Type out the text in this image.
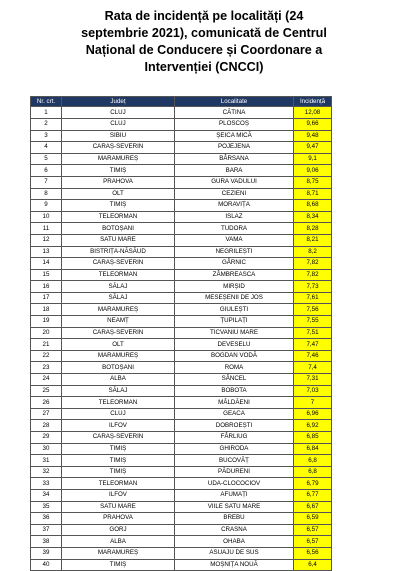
Rata de incidență pe localități (24
septembrie 2021), comunicată de Centrul
Național de Conducere și Coordonare a
Intervenției (CNCCI)
Nr. crt.	Județ	Localitate	Incidență	
1	CLUJ	CĂTINA	12,08	
2	CLUJ	PLOSCOȘ	9,66	
3	SIBIU	ȘEICA MICĂ	9,48	
4	CARAȘ-SEVERIN	POJEJENA	9,47	
5	MARAMUREȘ	BÂRSANA	9,1	
6	TIMIȘ	BARA	9,06	
7	PRAHOVA	GURA VADULUI	8,75	
8	OLT	CEZIENI	8,71	
9	TIMIȘ	MORAVIȚA	8,68	
10	TELEORMAN	ISLAZ	8,34	
11	BOTOȘANI	TUDORA	8,28	
12	SATU MARE	VAMA	8,21	
13	BISTRIȚA-NĂSĂUD	NEGRILEȘTI	8,2	
14	CARAȘ-SEVERIN	GÂRNIC	7,82	
15	TELEORMAN	ZÂMBREASCA	7,82	
16	SĂLAJ	MIRȘID	7,73	
17	SĂLAJ	MESEȘENII DE JOS	7,61	
18	MARAMUREȘ	GIULEȘTI	7,56	
19	NEAMȚ	ȚUPILAȚI	7,55	
20	CARAȘ-SEVERIN	TICVANIU MARE	7,51	
21	OLT	DEVESELU	7,47	
22	MARAMUREȘ	BOGDAN VODĂ	7,46	
23	BOTOȘANI	ROMA	7,4	
24	ALBA	SÂNCEL	7,31	
25	SĂLAJ	BOBOTA	7,03	
26	TELEORMAN	MÂLDĂENI	7	
27	CLUJ	GEACA	6,96	
28	ILFOV	DOBROEȘTI	6,92	
29	CARAȘ-SEVERIN	FÂRLIUG	6,85	
30	TIMIȘ	GHIRODA	6,84	
31	TIMIȘ	BUCOVĂȚ	6,8	
32	TIMIȘ	PĂDURENI	6,8	
33	TELEORMAN	UDA-CLOCOCIOV	6,79	
34	ILFOV	AFUMAȚI	6,77	
35	SATU MARE	VIILE SATU MARE	6,67	
36	PRAHOVA	BREBU	6,59	
37	GORJ	CRASNA	6,57	
38	ALBA	OHABA	6,57	
39	MARAMUREȘ	ASUAJU DE SUS	6,56	
40	TIMIȘ	MOȘNIȚA NOUĂ	6,4	
